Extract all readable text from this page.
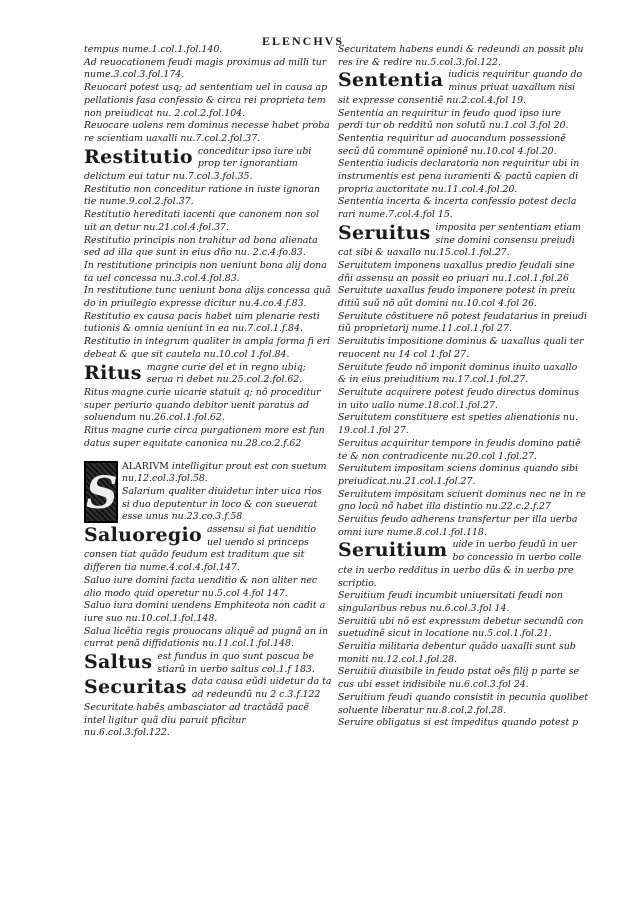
ELENCHVS

tempus nume.1.col.1.fol.140.

Ad reuocationem feudi magis proximus ad milli tur nume.3.col.3.fol.174.

Reuocari potest usq; ad sententiam uel in causa ap pellationis fasa confessio & circa rei proprieta tem non preiudicat nu. 2.col.2.fol.104.

Reuocare uolens rem dominus necesse habet proba re scientiam uaxalli nu.7.col.2.fol.37.

Restitutio conceditur ipso iure ubi prop ter ignorantiam delictum eui tatur nu.7.col.3.fol.35.

Restitutio non conceditur ratione in iuste ignoran tie nume.9.col.2.fol.37.

Restitutio hereditati iacenti que canonem non sol uit an detur nu.21.col.4.fol.37.

Restitutio principis non trahitur ad bona alienata sed ad illa que sunt in eius dño nu. 2.c.4.fo.83.

In restitutione principis non ueniunt bona alij dona ta uel concessa nu.3.col.4.fol.83.

In restitutione tunc ueniunt bona alijs concessa quã do in priuilegio expresse dicitur nu.4.co.4.f.83.

Restitutio ex causa pacis habet uim plenarie resti tutionis & omnia ueniunt in ea nu.7.col.1.f.84.

Restitutio in integrum qualiter in ampla forma fi eri debeat & que sit cautela nu.10.col 1.fol.84.

Ritus magne curie del et in regno ubiq; serua ri debet nu.25.col.2.fol.62.

Ritus magne curie uicarie statuit q; nõ proceditur super periurio quando debitor uenit paratus ad soluendum nu.26.col.1.fol.62.

Ritus magne curie circa purgationem more est fun datus super equitate canonica nu.28.co.2.f.62

S
ALARIVM intelligitur prout est con suetum nu.12.col.3.fol.58.

Salarium qualiter diuidetur inter uica rios si duo deputentur in loco & con sueuerat esse unus nu.23.co.3.f.58

Saluoregio assensu si fiat uenditio uel uendo si princeps consen tiat quãdo feudum est traditum que sit differen tia nume.4.col.4.fol.147.

Saluo iure domini facta uenditio & non aliter nec alio modo quid operetur nu.5.col 4.fol 147.

Saluo iura domini uendens Emphiteota non cadit a iure suo nu.10.col.1.fol.148.

Salua licẽtia regis prouocans aliquẽ ad pugnã an in currat penã diffidationis nu.11.col.1.fol.148.

Saltus est fundus in quo sunt pascua be stiarũ in uerbo saltus col.1.f 183.
Securitas data causa eũdi uidetur da ta ad redeundũ nu 2 c.3.f.122

Securitate habẽs ambasciator ad tractãdã pacẽ intel ligitur quã diu paruit pficitur nu.6.col.3.fol.122.

Securitatem habens eundi & redeundi an possit plu res ire & redire nu.5.col.3.fol.122.

Sententia iudicis requiritur quando do minus priuat uaxallum nisi sit expresse consentiẽ nu.2.col.4.fol 19.

Sententia an requiritur in feudo quod ipso iure perdi tur ob redditũ non solutũ nu.1.col 3.fol 20.

Sententia requiritur ad auocandum possessionẽ secũ dũ communẽ opinionẽ nu.10.col 4.fol.20.

Sententia iudicis declaratoria non requiritur ubi in instrumentis est pena iuramenti & pactũ capien di propria auctoritate nu.11.col.4.fol.20.

Sententia incerta & incerta confessio potest decla rari nume.7.col.4.fol 15.

Seruitus imposita per sententiam etiam sine domini consensu preiudi cat sibi & uaxallo nu.15.col.1.fol.27.

Seruitutem imponens uaxallus predio feudali sine dñi assensu an possit eo priuari nu.1.col.1.fol.26

Seruitute uaxallus feudo imponere potest in preiu ditiũ suũ nõ aũt domini nu.10.col 4.fol 26.

Seruitute cõstituere nõ potest feudatarius in preiudi tiũ proprietarij nume.11.col.1.fol 27.

Seruitutis impositione dominus & uaxallus quali ter reuocent nu 14 col 1.fol 27.

Seruitute feudo nõ imponit dominus inuito uaxallo & in eius preiuditium nu.17.col.1.fol.27.

Seruitute acquirere potest feudo directus dominus in uito uallo nume.18.col.1.fol.27.

Seruitutem constituere est speties alienationis nu. 19.col.1.fol 27.

Seruitus acquiritur tempore in feudis domino patiẽ te & non contradicente nu.20.col 1.fol.27.

Seruitutem impositam sciens dominus quando sibi preiudicat.nu.21.col.1.fol.27.

Seruitutem impositam sciuerit dominus nec ne in re gno locũ nõ habet illa distintio nu.22.c.2.f.27

Seruitus feudo adherens transfertur per illa uerba omni iure nume.8.col.1.fol.118.

Seruitium uide in uerbo feudũ in uer bo concessio in uerbo colle cte in uerbo redditus in uerbo dũs & in uerbo pre scriptio.

Seruitium feudi incumbit uniuersitati feudi non singularibus rebus nu.6.col.3.fol 14.

Seruitiũ ubi nõ est expressum debetur secundũ con suetudinẽ sicut in locatione nu.5.col.1.fol.21.

Seruitia militaria debentur quãdo uaxalli sunt sub moniti nu.12.col.1.fol.28.

Seruitiũ diuisibile in feudo pstat oẽs filij p parte se cus ubi esset indisibile nu.6.col.3.fol 24.

Seruitium feudi quando consistit in pecunia quolibet soluente liberatur nu.8.col.2.fol.28.

Seruire obligatus si est impeditus quando potest p
